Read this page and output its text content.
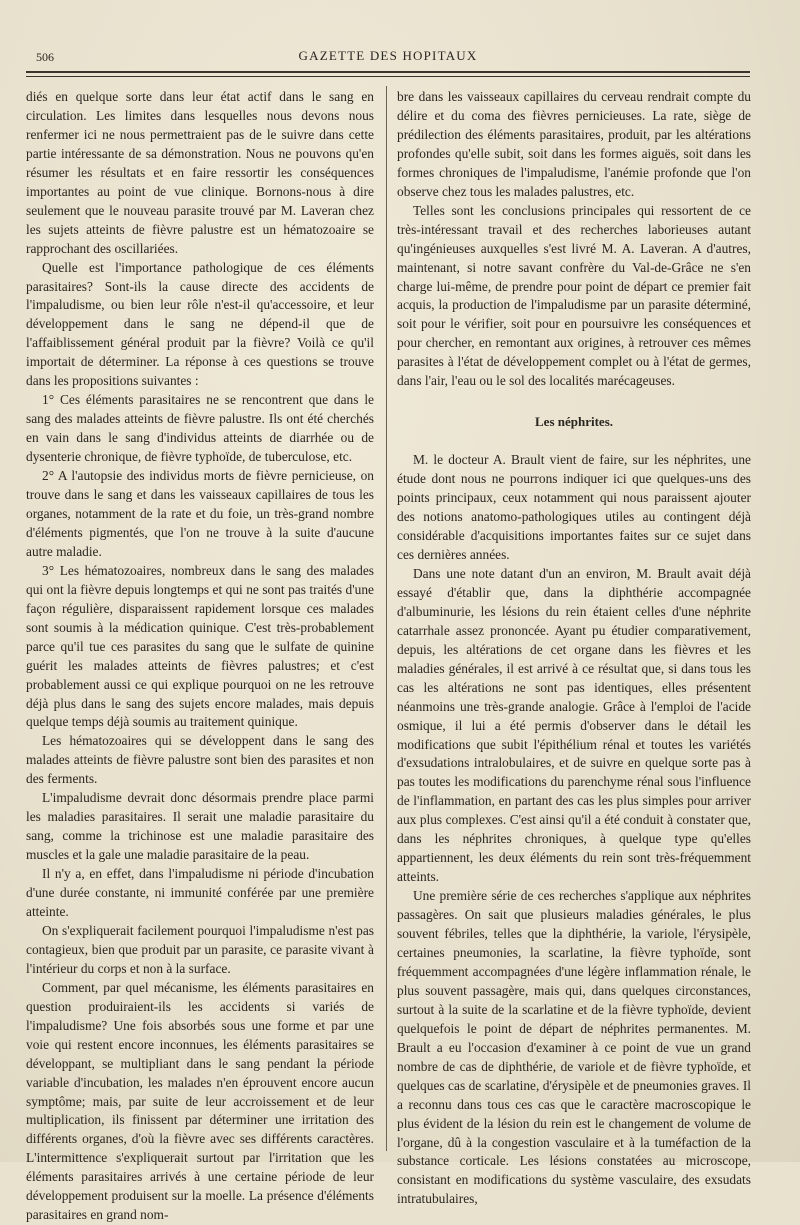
506	GAZETTE DES HOPITAUX

diés en quelque sorte dans leur état actif dans le sang en circulation. Les limites dans lesquelles nous devons nous renfermer ici ne nous permettraient pas de le suivre dans cette partie intéressante de sa démonstration. Nous ne pouvons qu'en résumer les résultats et en faire ressortir les conséquences importantes au point de vue clinique. Bornons-nous à dire seulement que le nouveau parasite trouvé par M. Laveran chez les sujets atteints de fièvre palustre est un hématozoaire se rapprochant des oscillariées.

Quelle est l'importance pathologique de ces éléments parasitaires? Sont-ils la cause directe des accidents de l'impaludisme, ou bien leur rôle n'est-il qu'accessoire, et leur développement dans le sang ne dépend-il que de l'affaiblissement général produit par la fièvre? Voilà ce qu'il importait de déterminer. La réponse à ces questions se trouve dans les propositions suivantes :

1° Ces éléments parasitaires ne se rencontrent que dans le sang des malades atteints de fièvre palustre. Ils ont été cherchés en vain dans le sang d'individus atteints de diarrhée ou de dysenterie chronique, de fièvre typhoïde, de tuberculose, etc.

2° A l'autopsie des individus morts de fièvre pernicieuse, on trouve dans le sang et dans les vaisseaux capillaires de tous les organes, notamment de la rate et du foie, un très-grand nombre d'éléments pigmentés, que l'on ne trouve à la suite d'aucune autre maladie.

3° Les hématozoaires, nombreux dans le sang des malades qui ont la fièvre depuis longtemps et qui ne sont pas traités d'une façon régulière, disparaissent rapidement lorsque ces malades sont soumis à la médication quinique. C'est très-probablement parce qu'il tue ces parasites du sang que le sulfate de quinine guérit les malades atteints de fièvres palustres; et c'est probablement aussi ce qui explique pourquoi on ne les retrouve déjà plus dans le sang des sujets encore malades, mais depuis quelque temps déjà soumis au traitement quinique.

Les hématozoaires qui se développent dans le sang des malades atteints de fièvre palustre sont bien des parasites et non des ferments.

L'impaludisme devrait donc désormais prendre place parmi les maladies parasitaires. Il serait une maladie parasitaire du sang, comme la trichinose est une maladie parasitaire des muscles et la gale une maladie parasitaire de la peau.

Il n'y a, en effet, dans l'impaludisme ni période d'incubation d'une durée constante, ni immunité conférée par une première atteinte.

On s'expliquerait facilement pourquoi l'impaludisme n'est pas contagieux, bien que produit par un parasite, ce parasite vivant à l'intérieur du corps et non à la surface.

Comment, par quel mécanisme, les éléments parasitaires en question produiraient-ils les accidents si variés de l'impaludisme? Une fois absorbés sous une forme et par une voie qui restent encore inconnues, les éléments parasitaires se développant, se multipliant dans le sang pendant la période variable d'incubation, les malades n'en éprouvent encore aucun symptôme; mais, par suite de leur accroissement et de leur multiplication, ils finissent par déterminer une irritation des différents organes, d'où la fièvre avec ses différents caractères. L'intermittence s'expliquerait surtout par l'irritation que les éléments parasitaires arrivés à une certaine période de leur développement produisent sur la moelle. La présence d'éléments parasitaires en grand nom-

bre dans les vaisseaux capillaires du cerveau rendrait compte du délire et du coma des fièvres pernicieuses. La rate, siège de prédilection des éléments parasitaires, produit, par les altérations profondes qu'elle subit, soit dans les formes aiguës, soit dans les formes chroniques de l'impaludisme, l'anémie profonde que l'on observe chez tous les malades palustres, etc.

Telles sont les conclusions principales qui ressortent de ce très-intéressant travail et des recherches laborieuses autant qu'ingénieuses auxquelles s'est livré M. A. Laveran. A d'autres, maintenant, si notre savant confrère du Val-de-Grâce ne s'en charge lui-même, de prendre pour point de départ ce premier fait acquis, la production de l'impaludisme par un parasite déterminé, soit pour le vérifier, soit pour en poursuivre les conséquences et pour chercher, en remontant aux origines, à retrouver ces mêmes parasites à l'état de développement complet ou à l'état de germes, dans l'air, l'eau ou le sol des localités marécageuses.

Les néphrites.

M. le docteur A. Brault vient de faire, sur les néphrites, une étude dont nous ne pourrons indiquer ici que quelques-uns des points principaux, ceux notamment qui nous paraissent ajouter des notions anatomo-pathologiques utiles au contingent déjà considérable d'acquisitions importantes faites sur ce sujet dans ces dernières années.

Dans une note datant d'un an environ, M. Brault avait déjà essayé d'établir que, dans la diphthérie accompagnée d'albuminurie, les lésions du rein étaient celles d'une néphrite catarrhale assez prononcée. Ayant pu étudier comparativement, depuis, les altérations de cet organe dans les fièvres et les maladies générales, il est arrivé à ce résultat que, si dans tous les cas les altérations ne sont pas identiques, elles présentent néanmoins une très-grande analogie. Grâce à l'emploi de l'acide osmique, il lui a été permis d'observer dans le détail les modifications que subit l'épithélium rénal et toutes les variétés d'exsudations intralobulaires, et de suivre en quelque sorte pas à pas toutes les modifications du parenchyme rénal sous l'influence de l'inflammation, en partant des cas les plus simples pour arriver aux plus complexes. C'est ainsi qu'il a été conduit à constater que, dans les néphrites chroniques, à quelque type qu'elles appartiennent, les deux éléments du rein sont très-fréquemment atteints.

Une première série de ces recherches s'applique aux néphrites passagères. On sait que plusieurs maladies générales, le plus souvent fébriles, telles que la diphthérie, la variole, l'érysipèle, certaines pneumonies, la scarlatine, la fièvre typhoïde, sont fréquemment accompagnées d'une légère inflammation rénale, le plus souvent passagère, mais qui, dans quelques circonstances, surtout à la suite de la scarlatine et de la fièvre typhoïde, devient quelquefois le point de départ de néphrites permanentes. M. Brault a eu l'occasion d'examiner à ce point de vue un grand nombre de cas de diphthérie, de variole et de fièvre typhoïde, et quelques cas de scarlatine, d'érysipèle et de pneumonies graves. Il a reconnu dans tous ces cas que le caractère macroscopique le plus évident de la lésion du rein est le changement de volume de l'organe, dû à la congestion vasculaire et à la tuméfaction de la substance corticale. Les lésions constatées au microscope, consistant en modifications du système vasculaire, des exsudats intratubulaires,
